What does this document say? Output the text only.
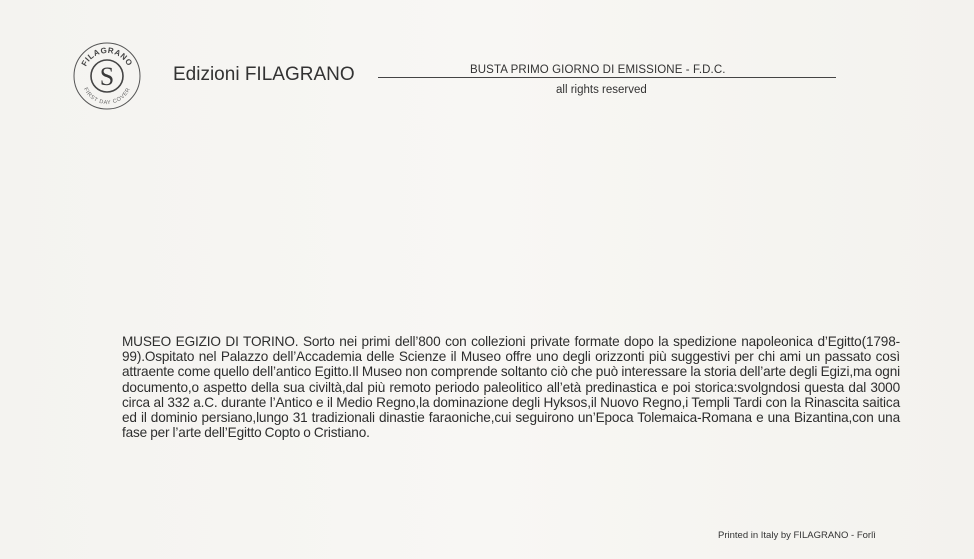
FILAGRANO
FIRST DAY COVER
S	Edizioni FILAGRANO	BUSTA PRIMO GIORNO DI EMISSIONE - F.D.C.
all rights reserved
MUSEO EGIZIO DI TORINO. Sorto nei primi dell’800 con collezioni private formate dopo la spedizione napoleonica d’Egitto(1798-99).Ospitato nel Palazzo dell’Accademia delle Scienze il Museo offre uno degli orizzonti più suggestivi per chi ami un passato così attraente come quello dell’antico Egitto.Il Museo non comprende soltanto ciò che può interessare la storia dell’arte degli Egizi,ma ogni documento,o aspetto della sua civiltà,dal più remoto periodo paleolitico all’età predinastica e poi storica:svolgndosi questa dal 3000 circa al 332 a.C. durante l’Antico e il Medio Regno,la dominazione degli Hyksos,il Nuovo Regno,i Templi Tardi con la Rinascita saitica ed il dominio persiano,lungo 31 tradizionali dinastie faraoniche,cui seguirono un’Epoca Tolemaica-Romana e una Bizantina,con una fase per l’arte dell’Egitto Copto o Cristiano.
Printed in Italy by FILAGRANO - Forlì
